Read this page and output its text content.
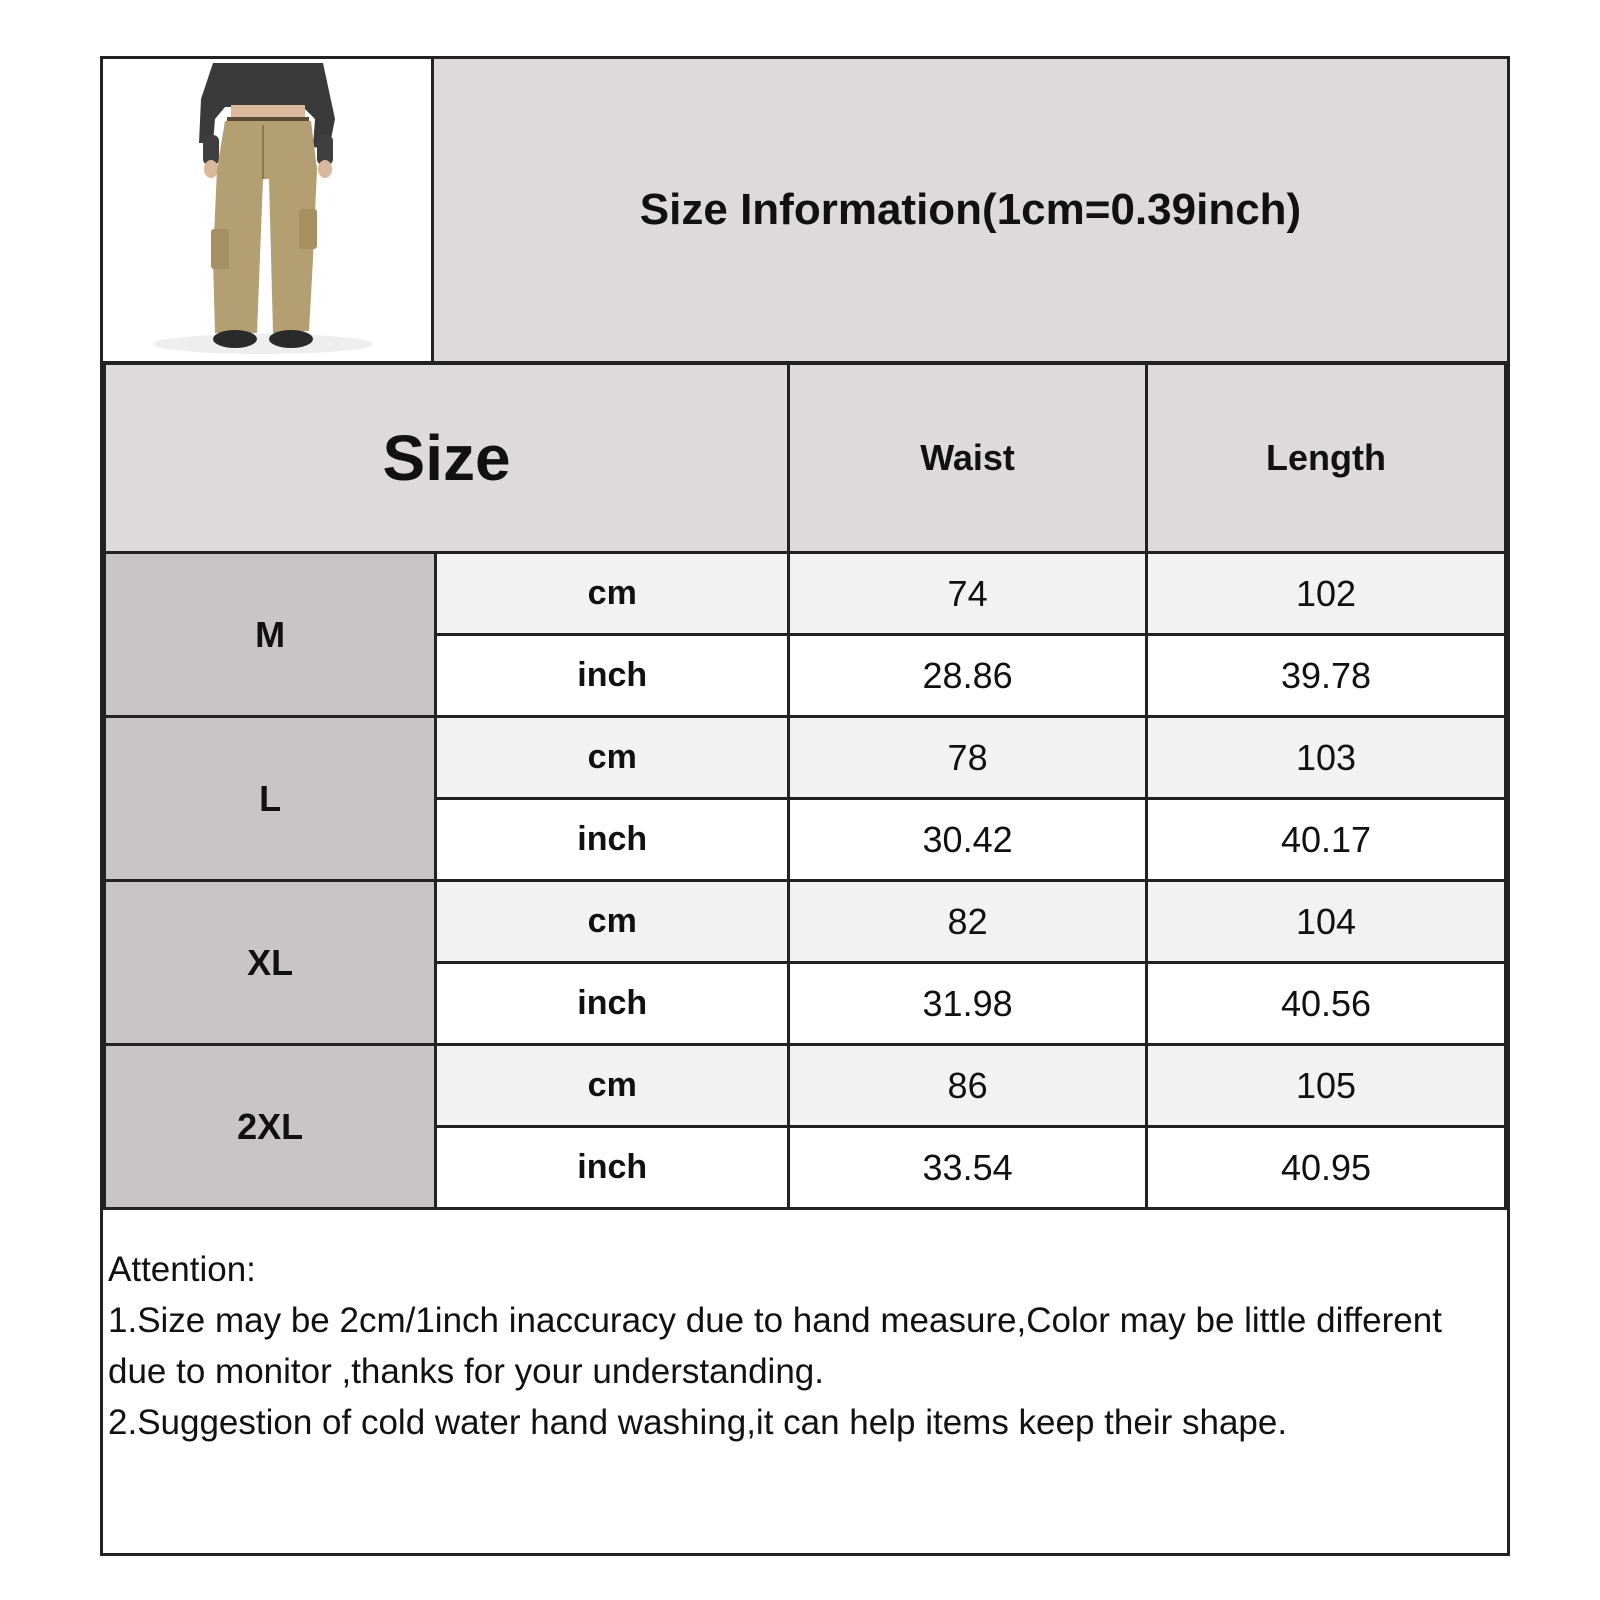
Size Information(1cm=0.39inch)
Size		Waist	Length
M	cm	74	102
	inch	28.86	39.78
L	cm	78	103
	inch	30.42	40.17
XL	cm	82	104
	inch	31.98	40.56
2XL	cm	86	105
	inch	33.54	40.95
Attention:
1.Size may be 2cm/1inch inaccuracy due to hand measure,Color may be little different due to monitor ,thanks for your understanding.
2.Suggestion of cold water hand washing,it can help items keep their shape.
